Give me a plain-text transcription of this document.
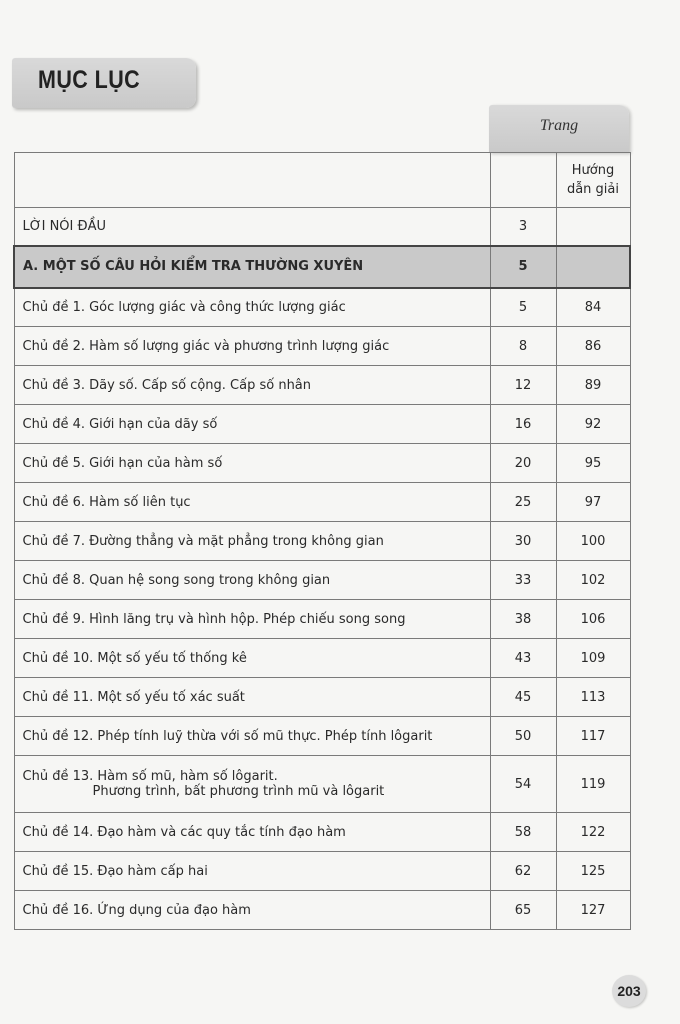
MỤC LỤC
Trang
		Hướng
dẫn giải
LỜI NÓI ĐẦU	3	
A. MỘT SỐ CÂU HỎI KIỂM TRA THƯỜNG XUYÊN	5	
Chủ đề 1. Góc lượng giác và công thức lượng giác	5	84
Chủ đề 2. Hàm số lượng giác và phương trình lượng giác	8	86
Chủ đề 3. Dãy số. Cấp số cộng. Cấp số nhân	12	89
Chủ đề 4. Giới hạn của dãy số	16	92
Chủ đề 5. Giới hạn của hàm số	20	95
Chủ đề 6. Hàm số liên tục	25	97
Chủ đề 7. Đường thẳng và mặt phẳng trong không gian	30	100
Chủ đề 8. Quan hệ song song trong không gian	33	102
Chủ đề 9. Hình lăng trụ và hình hộp. Phép chiếu song song	38	106
Chủ đề 10. Một số yếu tố thống kê	43	109
Chủ đề 11. Một số yếu tố xác suất	45	113
Chủ đề 12. Phép tính luỹ thừa với số mũ thực. Phép tính lôgarit	50	117
Chủ đề 13. Hàm số mũ, hàm số lôgarit.
Phương trình, bất phương trình mũ và lôgarit	54	119
Chủ đề 14. Đạo hàm và các quy tắc tính đạo hàm	58	122
Chủ đề 15. Đạo hàm cấp hai	62	125
Chủ đề 16. Ứng dụng của đạo hàm	65	127
203
